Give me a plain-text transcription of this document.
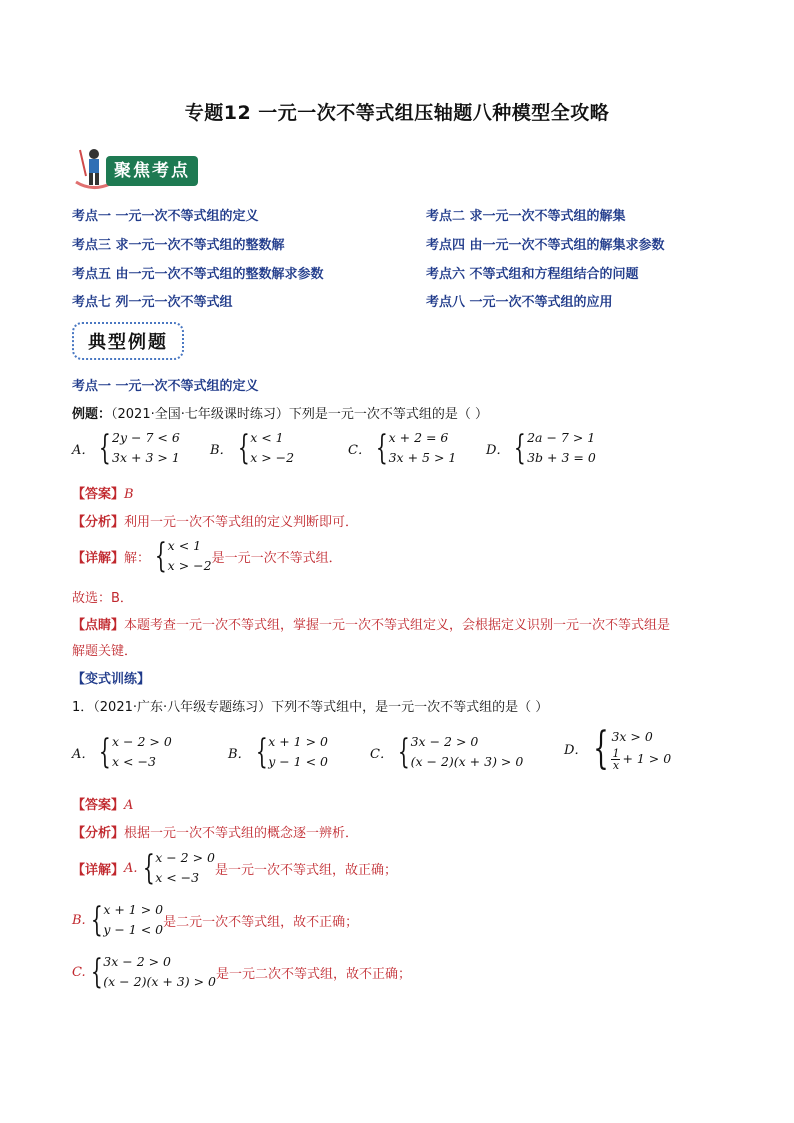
专题12 一元一次不等式组压轴题八种模型全攻略
聚焦考点
考点一 一元一次不等式组的定义	考点二 求一元一次不等式组的解集
考点三 求一元一次不等式组的整数解	考点四 由一元一次不等式组的解集求参数
考点五 由一元一次不等式组的整数解求参数	考点六 不等式组和方程组结合的问题
考点七 列一元一次不等式组	考点八 一元一次不等式组的应用
典型例题
考点一 一元一次不等式组的定义
例题：（2021·全国·七年级课时练习）下列是一元一次不等式组的是（ ）
A． { 2y − 7 < 6
3x + 3 > 1 B． { x < 1
x > −2	C． { x + 2 = 6
3x + 5 > 1 D． { 2a − 7 > 1
3b + 3 = 0
【答案】B
【分析】利用一元一次不等式组的定义判断即可．
【详解】 解： { x < 1
x > −2 是一元一次不等式组．
故选：B．
【点睛】本题考查一元一次不等式组，掌握一元一次不等式组定义，会根据定义识别一元一次不等式组是
解题关键．
【变式训练】
1．（2021·广东·八年级专题练习）下列不等式组中，是一元一次不等式组的是（ ）
A． { x − 2 > 0
x < −3	B． { x + 1 > 0
y − 1 < 0	C． { 3x − 2 > 0
(x − 2)(x + 3) > 0
D． { 3x > 0
$\frac{1}{x} + 1 > 0$
【答案】A
【分析】根据一元一次不等式组的概念逐一辨析．
【详解】 A. { x − 2 > 0
x < −3	是一元一次不等式组，故正确；
B. { x + 1 > 0
y − 1 < 0 是二元一次不等式组，故不正确；
C. { 3x − 2 > 0
(x − 2)(x + 3) > 0 是一元二次不等式组，故不正确；
